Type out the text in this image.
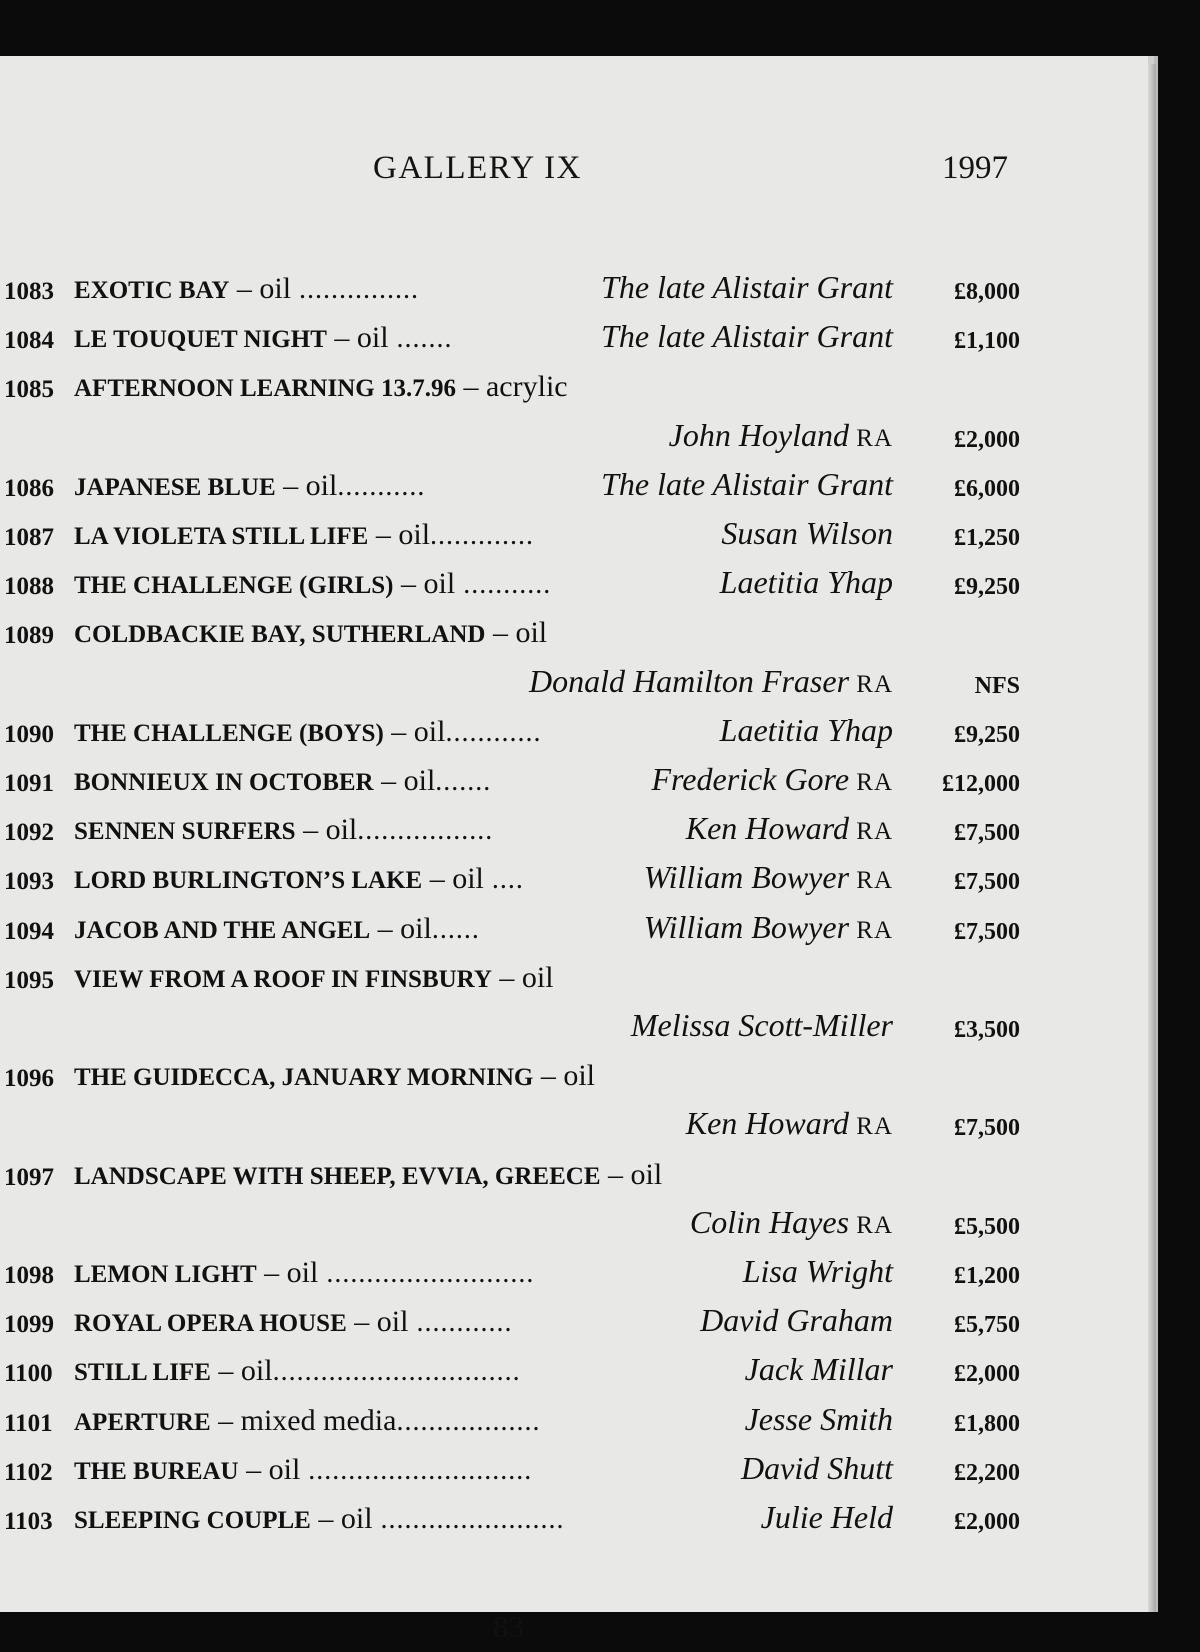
GALLERY IX	1997
1083 EXOTIC BAY – oil ...............	The late Alistair Grant	£8,000
1084 LE TOUQUET NIGHT – oil .......	The late Alistair Grant	£1,100
1085 AFTERNOON LEARNING 13.7.96 – acrylic
John Hoyland RA	£2,000
1086 JAPANESE BLUE – oil...........	The late Alistair Grant	£6,000
1087 LA VIOLETA STILL LIFE – oil.............	Susan Wilson	£1,250
1088 THE CHALLENGE (GIRLS) – oil ...........	Laetitia Yhap	£9,250
1089 COLDBACKIE BAY, SUTHERLAND – oil
Donald Hamilton Fraser RA	NFS
1090 THE CHALLENGE (BOYS) – oil............	Laetitia Yhap	£9,250
1091 BONNIEUX IN OCTOBER – oil.......	Frederick Gore RA £12,000
1092 SENNEN SURFERS – oil.................	Ken Howard RA	£7,500
1093 LORD BURLINGTON’S LAKE – oil ....	William Bowyer RA	£7,500
1094 JACOB AND THE ANGEL – oil......	William Bowyer RA	£7,500
1095 VIEW FROM A ROOF IN FINSBURY – oil
Melissa Scott-Miller	£3,500
1096 THE GUIDECCA, JANUARY MORNING – oil
Ken Howard RA	£7,500
1097 LANDSCAPE WITH SHEEP, EVVIA, GREECE – oil
Colin Hayes RA	£5,500
1098 LEMON LIGHT – oil ..........................	Lisa Wright	£1,200
1099 ROYAL OPERA HOUSE – oil ............	David Graham	£5,750
1100 STILL LIFE – oil...............................	Jack Millar	£2,000
1101 APERTURE – mixed media..................	Jesse Smith	£1,800
1102 THE BUREAU – oil ............................	David Shutt	£2,200
1103 SLEEPING COUPLE – oil .......................	Julie Held	£2,000
83
